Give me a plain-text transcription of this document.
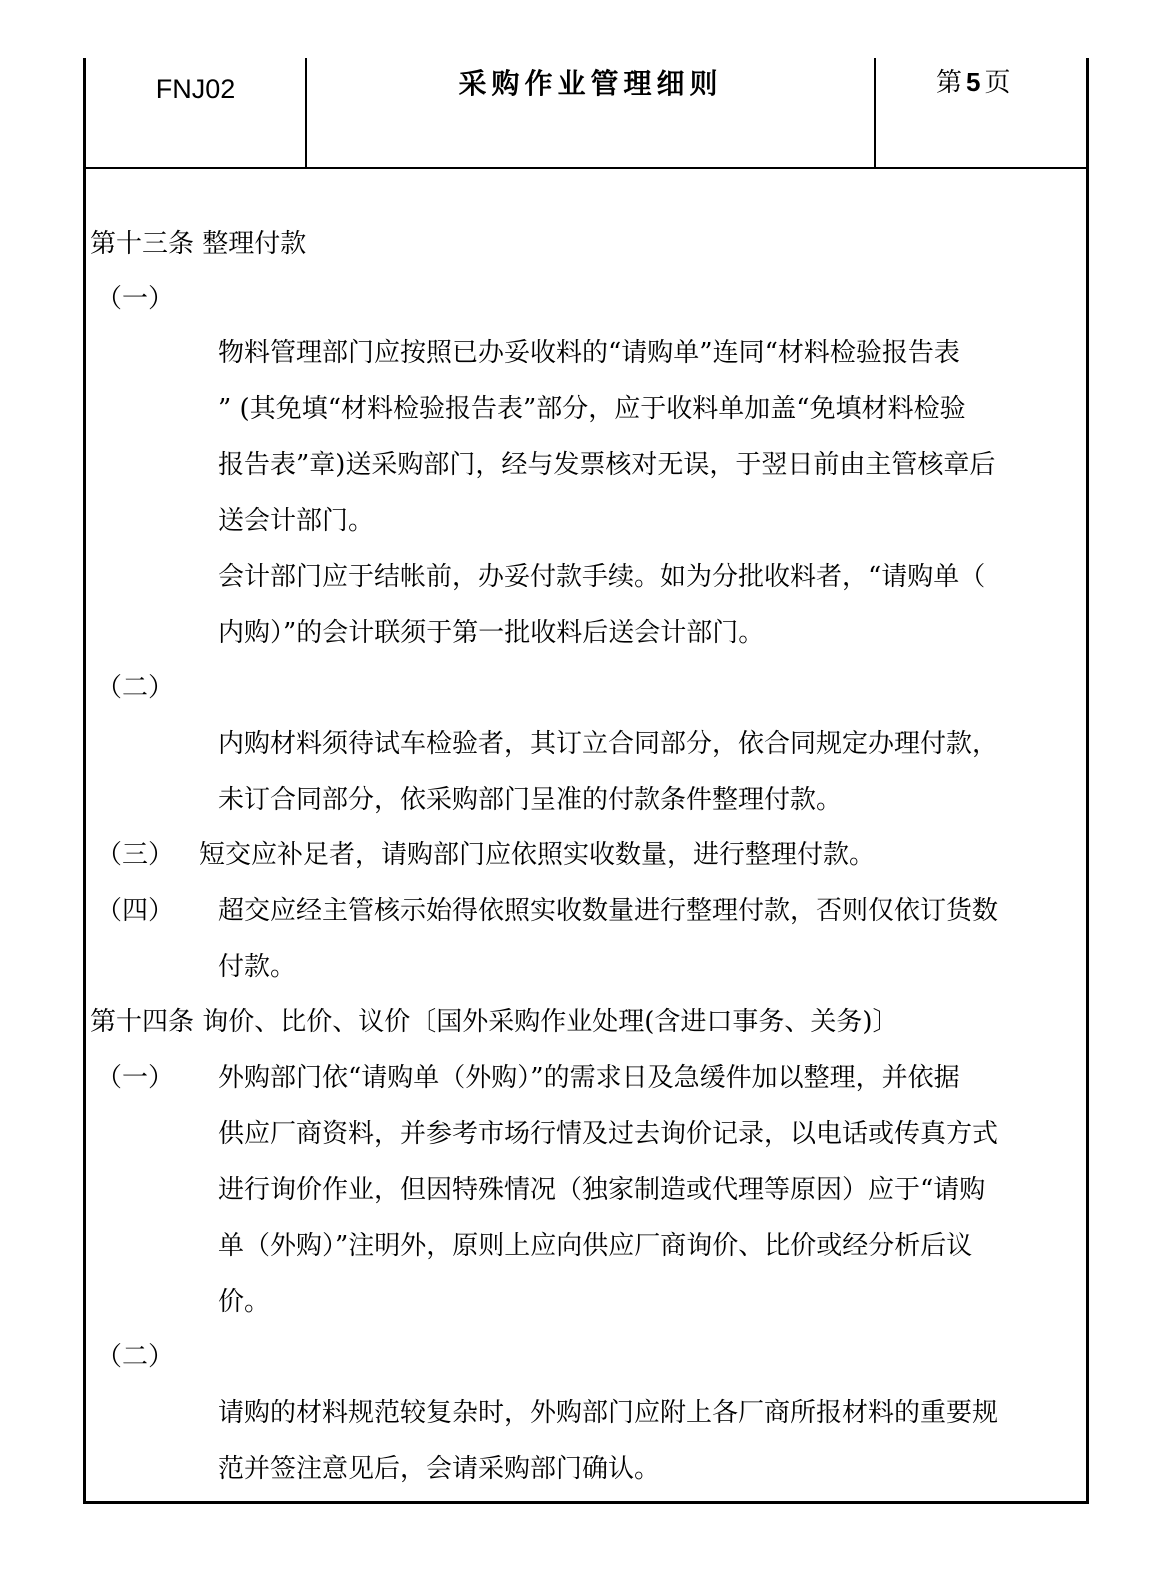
FNJ02	采购作业管理细则	第 5 页
第十三条 整理付款
（一）
物料管理部门应按照已办妥收料的“请购单”连同“材料检验报告表
” (其免填“材料检验报告表”部分，应于收料单加盖“免填材料检验
报告表”章)送采购部门，经与发票核对无误，于翌日前由主管核章后
送会计部门。
会计部门应于结帐前，办妥付款手续。如为分批收料者，“请购单（
内购）”的会计联须于第一批收料后送会计部门。
（二）
内购材料须待试车检验者，其订立合同部分，依合同规定办理付款，
未订合同部分，依采购部门呈准的付款条件整理付款。
（三） 短交应补足者，请购部门应依照实收数量，进行整理付款。
（四） 超交应经主管核示始得依照实收数量进行整理付款，否则仅依订货数
付款。
第十四条 询价、比价、议价〔国外采购作业处理(含进口事务、关务)〕
（一） 外购部门依“请购单（外购）”的需求日及急缓件加以整理，并依据
供应厂商资料，并参考市场行情及过去询价记录，以电话或传真方式
进行询价作业，但因特殊情况（独家制造或代理等原因）应于“请购
单（外购）”注明外，原则上应向供应厂商询价、比价或经分析后议
价。
（二）
请购的材料规范较复杂时，外购部门应附上各厂商所报材料的重要规
范并签注意见后，会请采购部门确认。
